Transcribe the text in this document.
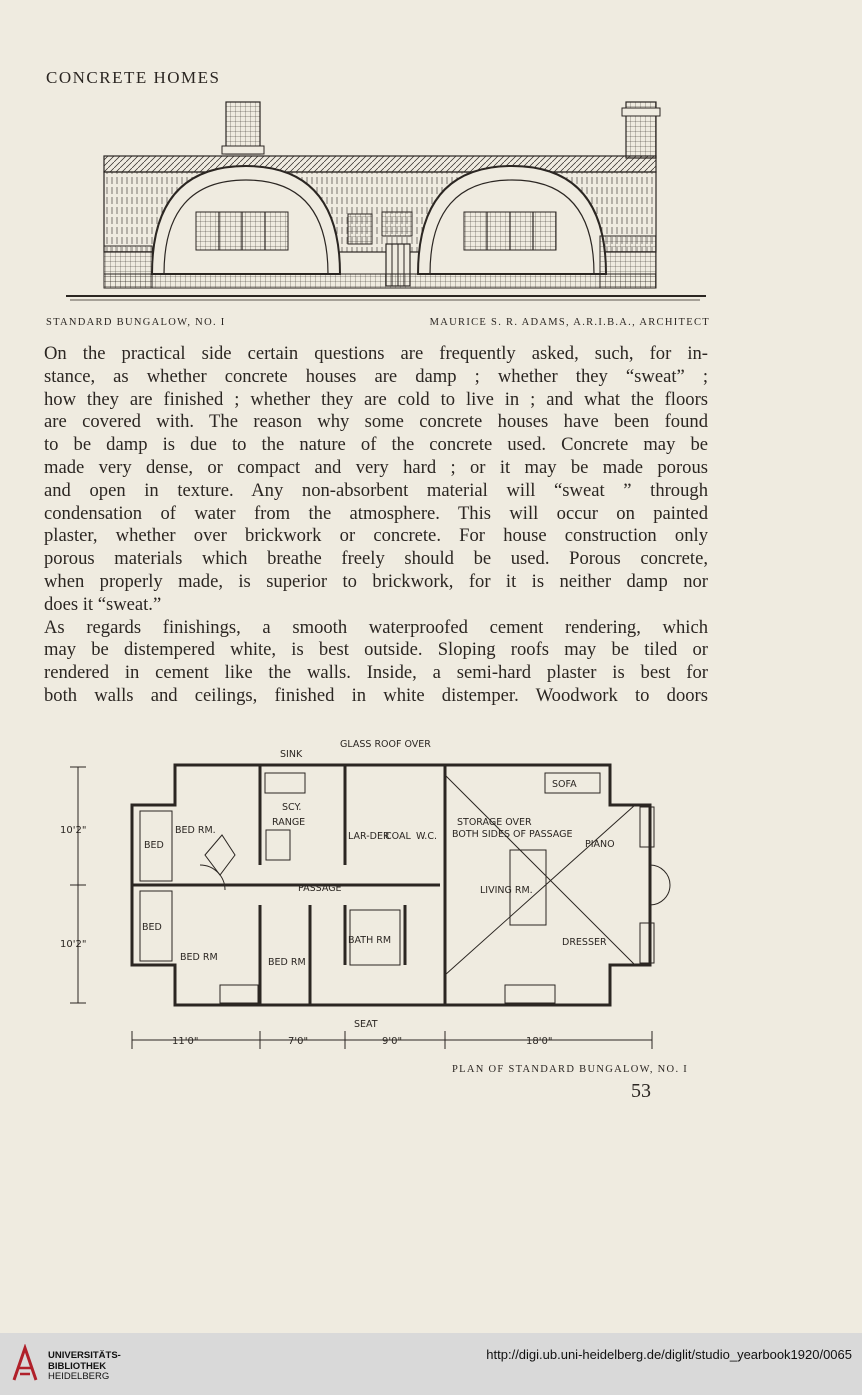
CONCRETE HOMES
STANDARD BUNGALOW, NO. I	MAURICE S. R. ADAMS, A.R.I.B.A., ARCHITECT
On the practical side certain questions are frequently asked, such, for in-
stance, as whether concrete houses are damp ; whether they “sweat” ;
how they are finished ; whether they are cold to live in ; and what the floors
are covered with. The reason why some concrete houses have been found
to be damp is due to the nature of the concrete used. Concrete may be
made very dense, or compact and very hard ; or it may be made porous
and open in texture. Any non-absorbent material will “sweat ” through
condensation of water from the atmosphere. This will occur on painted
plaster, whether over brickwork or concrete. For house construction only
porous materials which breathe freely should be used. Porous concrete,
when properly made, is superior to brickwork, for it is neither damp nor
does it “sweat.”
As regards finishings, a smooth waterproofed cement rendering, which
may be distempered white, is best outside. Sloping roofs may be tiled or
rendered in cement like the walls. Inside, a semi-hard plaster is best for
both walls and ceilings, finished in white distemper. Woodwork to doors
SINK
GLASS ROOF OVER
SOFA
SCY.
RANGE
BED RM.
BED
LAR-DER
COAL W.C.
STORAGE OVER
BOTH SIDES OF PASSAGE
PIANO
PASSAGE	LIVING RM.
BED
BATH RM	DRESSER
BED RM	BED RM
SEAT
11'0"	7'0"	9'0"	18'0"
10'2"
10'2"
PLAN OF STANDARD BUNGALOW, NO. I
53
UNIVERSITÄTS-
BIBLIOTHEK
HEIDELBERG
http://digi.ub.uni-heidelberg.de/diglit/studio_yearbook1920/0065
